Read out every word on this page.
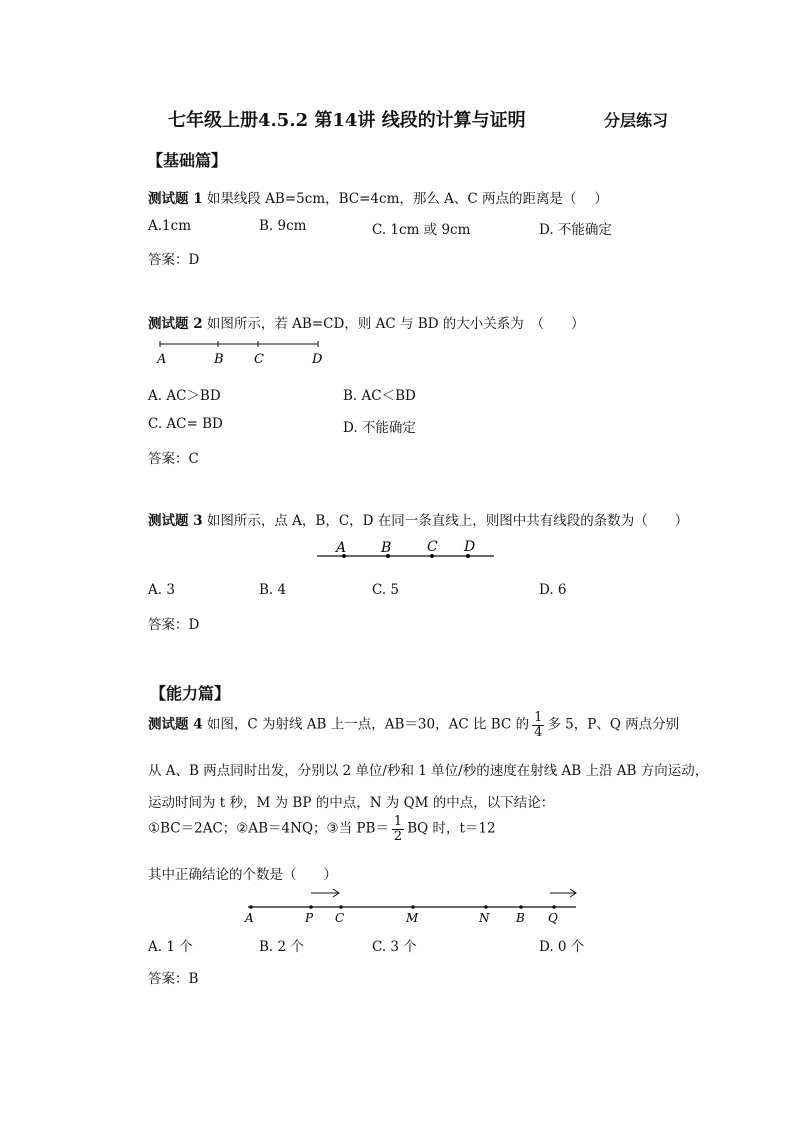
七年级上册4.5.2 第14讲 线段的计算与证明	分层练习
【基础篇】
测试题 1 如果线段 AB=5cm，BC=4cm，那么 A、C 两点的距离是（　 ）
A.1cm	B. 9cm	C. 1cm 或 9cm	D. 不能确定
答案：D
测试题 2 如图所示，若 AB=CD，则 AC 与 BD 的大小关系为　（　　）
A	B C	D
A. AC＞BD	B. AC＜BD
C. AC= BD	D. 不能确定
答案：C
测试题 3 如图所示，点 A，B，C，D 在同一条直线上，则图中共有线段的条数为（　　）
A B	C D
A. 3	B. 4	C. 5	D. 6
答案：D
【能力篇】
测试题 4 如图，C 为射线 AB 上一点，AB＝30，AC 比 BC 的 $\frac{1}{4}$ 多 5，P、Q 两点分别
从 A、B 两点同时出发，分别以 2 单位/秒和 1 单位/秒的速度在射线 AB 上沿 AB 方向运动，
运动时间为 t 秒，M 为 BP 的中点，N 为 QM 的中点，以下结论：
①BC＝2AC；②AB＝4NQ；③当 $PB= \frac{1}{2}$ BQ 时，t＝12
其中正确结论的个数是（　　）
A	P C	M	N B Q
A. 1 个	B. 2 个	C. 3 个	D. 0 个
答案：B
